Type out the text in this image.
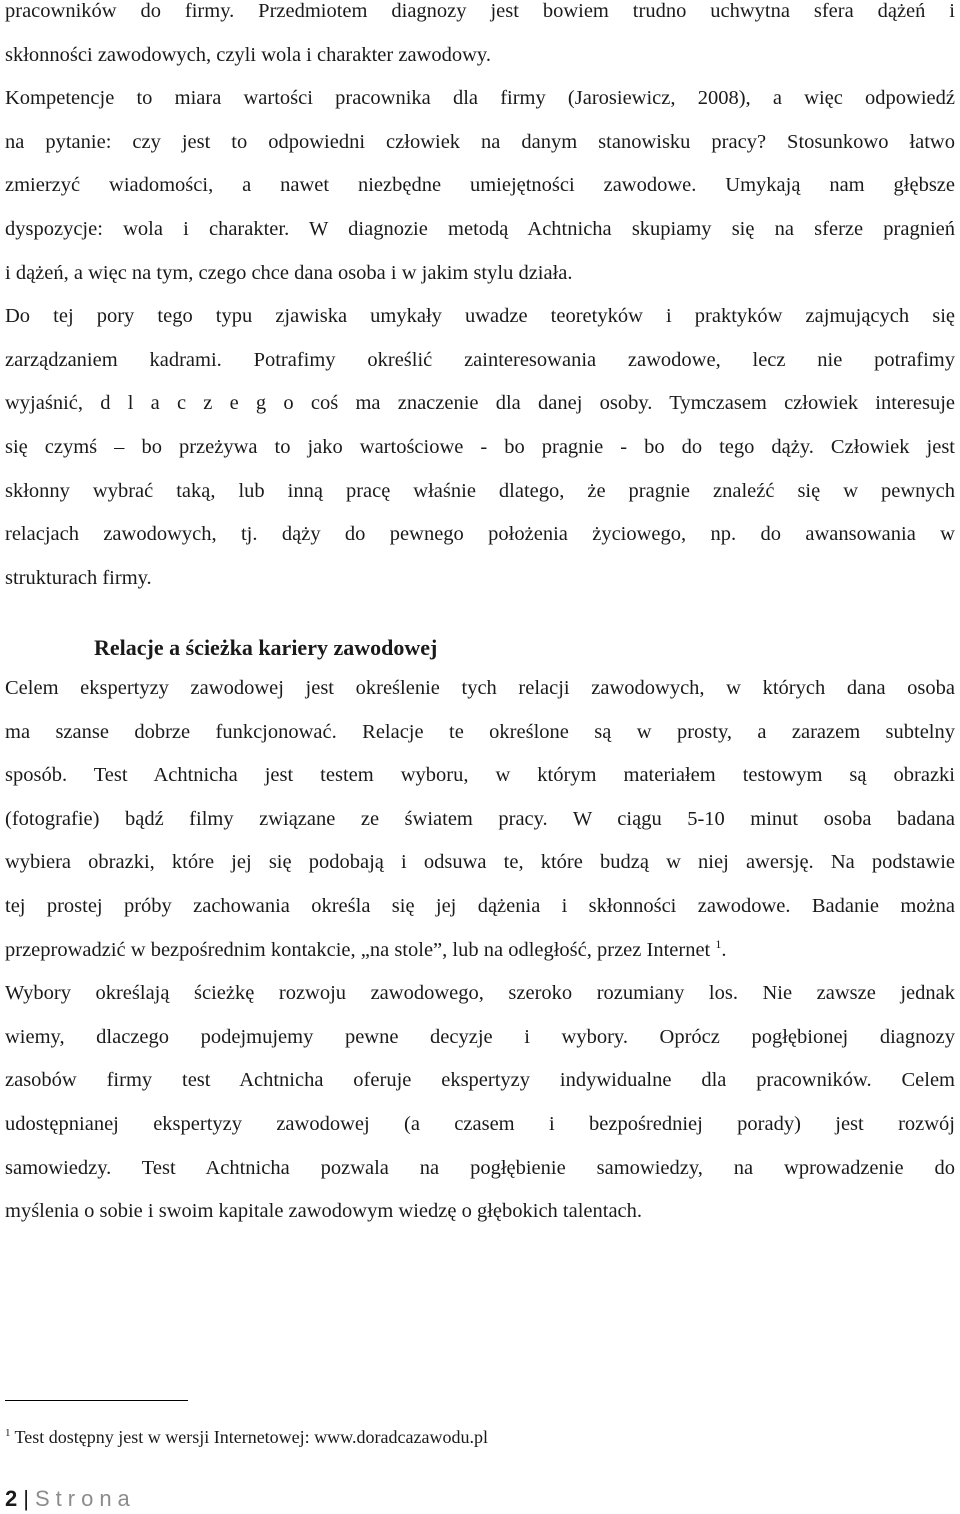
pracowników do firmy. Przedmiotem diagnozy jest bowiem trudno uchwytna sfera dążeń i
skłonności zawodowych, czyli wola i charakter zawodowy.
Kompetencje to miara wartości pracownika dla firmy (Jarosiewicz, 2008), a więc odpowiedź
na pytanie: czy jest to odpowiedni człowiek na danym stanowisku pracy? Stosunkowo łatwo
zmierzyć wiadomości, a nawet niezbędne umiejętności zawodowe. Umykają nam głębsze
dyspozycje: wola i charakter. W diagnozie metodą Achtnicha skupiamy się na sferze pragnień
i dążeń, a więc na tym, czego chce dana osoba i w jakim stylu działa.
Do tej pory tego typu zjawiska umykały uwadze teoretyków i praktyków zajmujących się
zarządzaniem kadrami. Potrafimy określić zainteresowania zawodowe, lecz nie potrafimy
wyjaśnić, d l a c z e g o coś ma znaczenie dla danej osoby. Tymczasem człowiek interesuje
się czymś – bo przeżywa to jako wartościowe - bo pragnie - bo do tego dąży. Człowiek jest
skłonny wybrać taką, lub inną pracę właśnie dlatego, że pragnie znaleźć się w pewnych
relacjach zawodowych, tj. dąży do pewnego położenia życiowego, np. do awansowania w
strukturach firmy.
Relacje a ścieżka kariery zawodowej
Celem ekspertyzy zawodowej jest określenie tych relacji zawodowych, w których dana osoba
ma szanse dobrze funkcjonować. Relacje te określone są w prosty, a zarazem subtelny
sposób. Test Achtnicha jest testem wyboru, w którym materiałem testowym są obrazki
(fotografie) bądź filmy związane ze światem pracy. W ciągu 5-10 minut osoba badana
wybiera obrazki, które jej się podobają i odsuwa te, które budzą w niej awersję. Na podstawie
tej prostej próby zachowania określa się jej dążenia i skłonności zawodowe. Badanie można
przeprowadzić w bezpośrednim kontakcie, „na stole”, lub na odległość, przez Internet $^1$.
Wybory określają ścieżkę rozwoju zawodowego, szeroko rozumiany los. Nie zawsze jednak
wiemy, dlaczego podejmujemy pewne decyzje i wybory. Oprócz pogłębionej diagnozy
zasobów firmy test Achtnicha oferuje ekspertyzy indywidualne dla pracowników. Celem
udostępnianej ekspertyzy zawodowej (a czasem i bezpośredniej porady) jest rozwój
samowiedzy. Test Achtnicha pozwala na pogłębienie samowiedzy, na wprowadzenie do
myślenia o sobie i swoim kapitale zawodowym wiedzę o głębokich talentach.
$^1$ Test dostępny jest w wersji Internetowej: www.doradcazawodu.pl
2 | Strona
